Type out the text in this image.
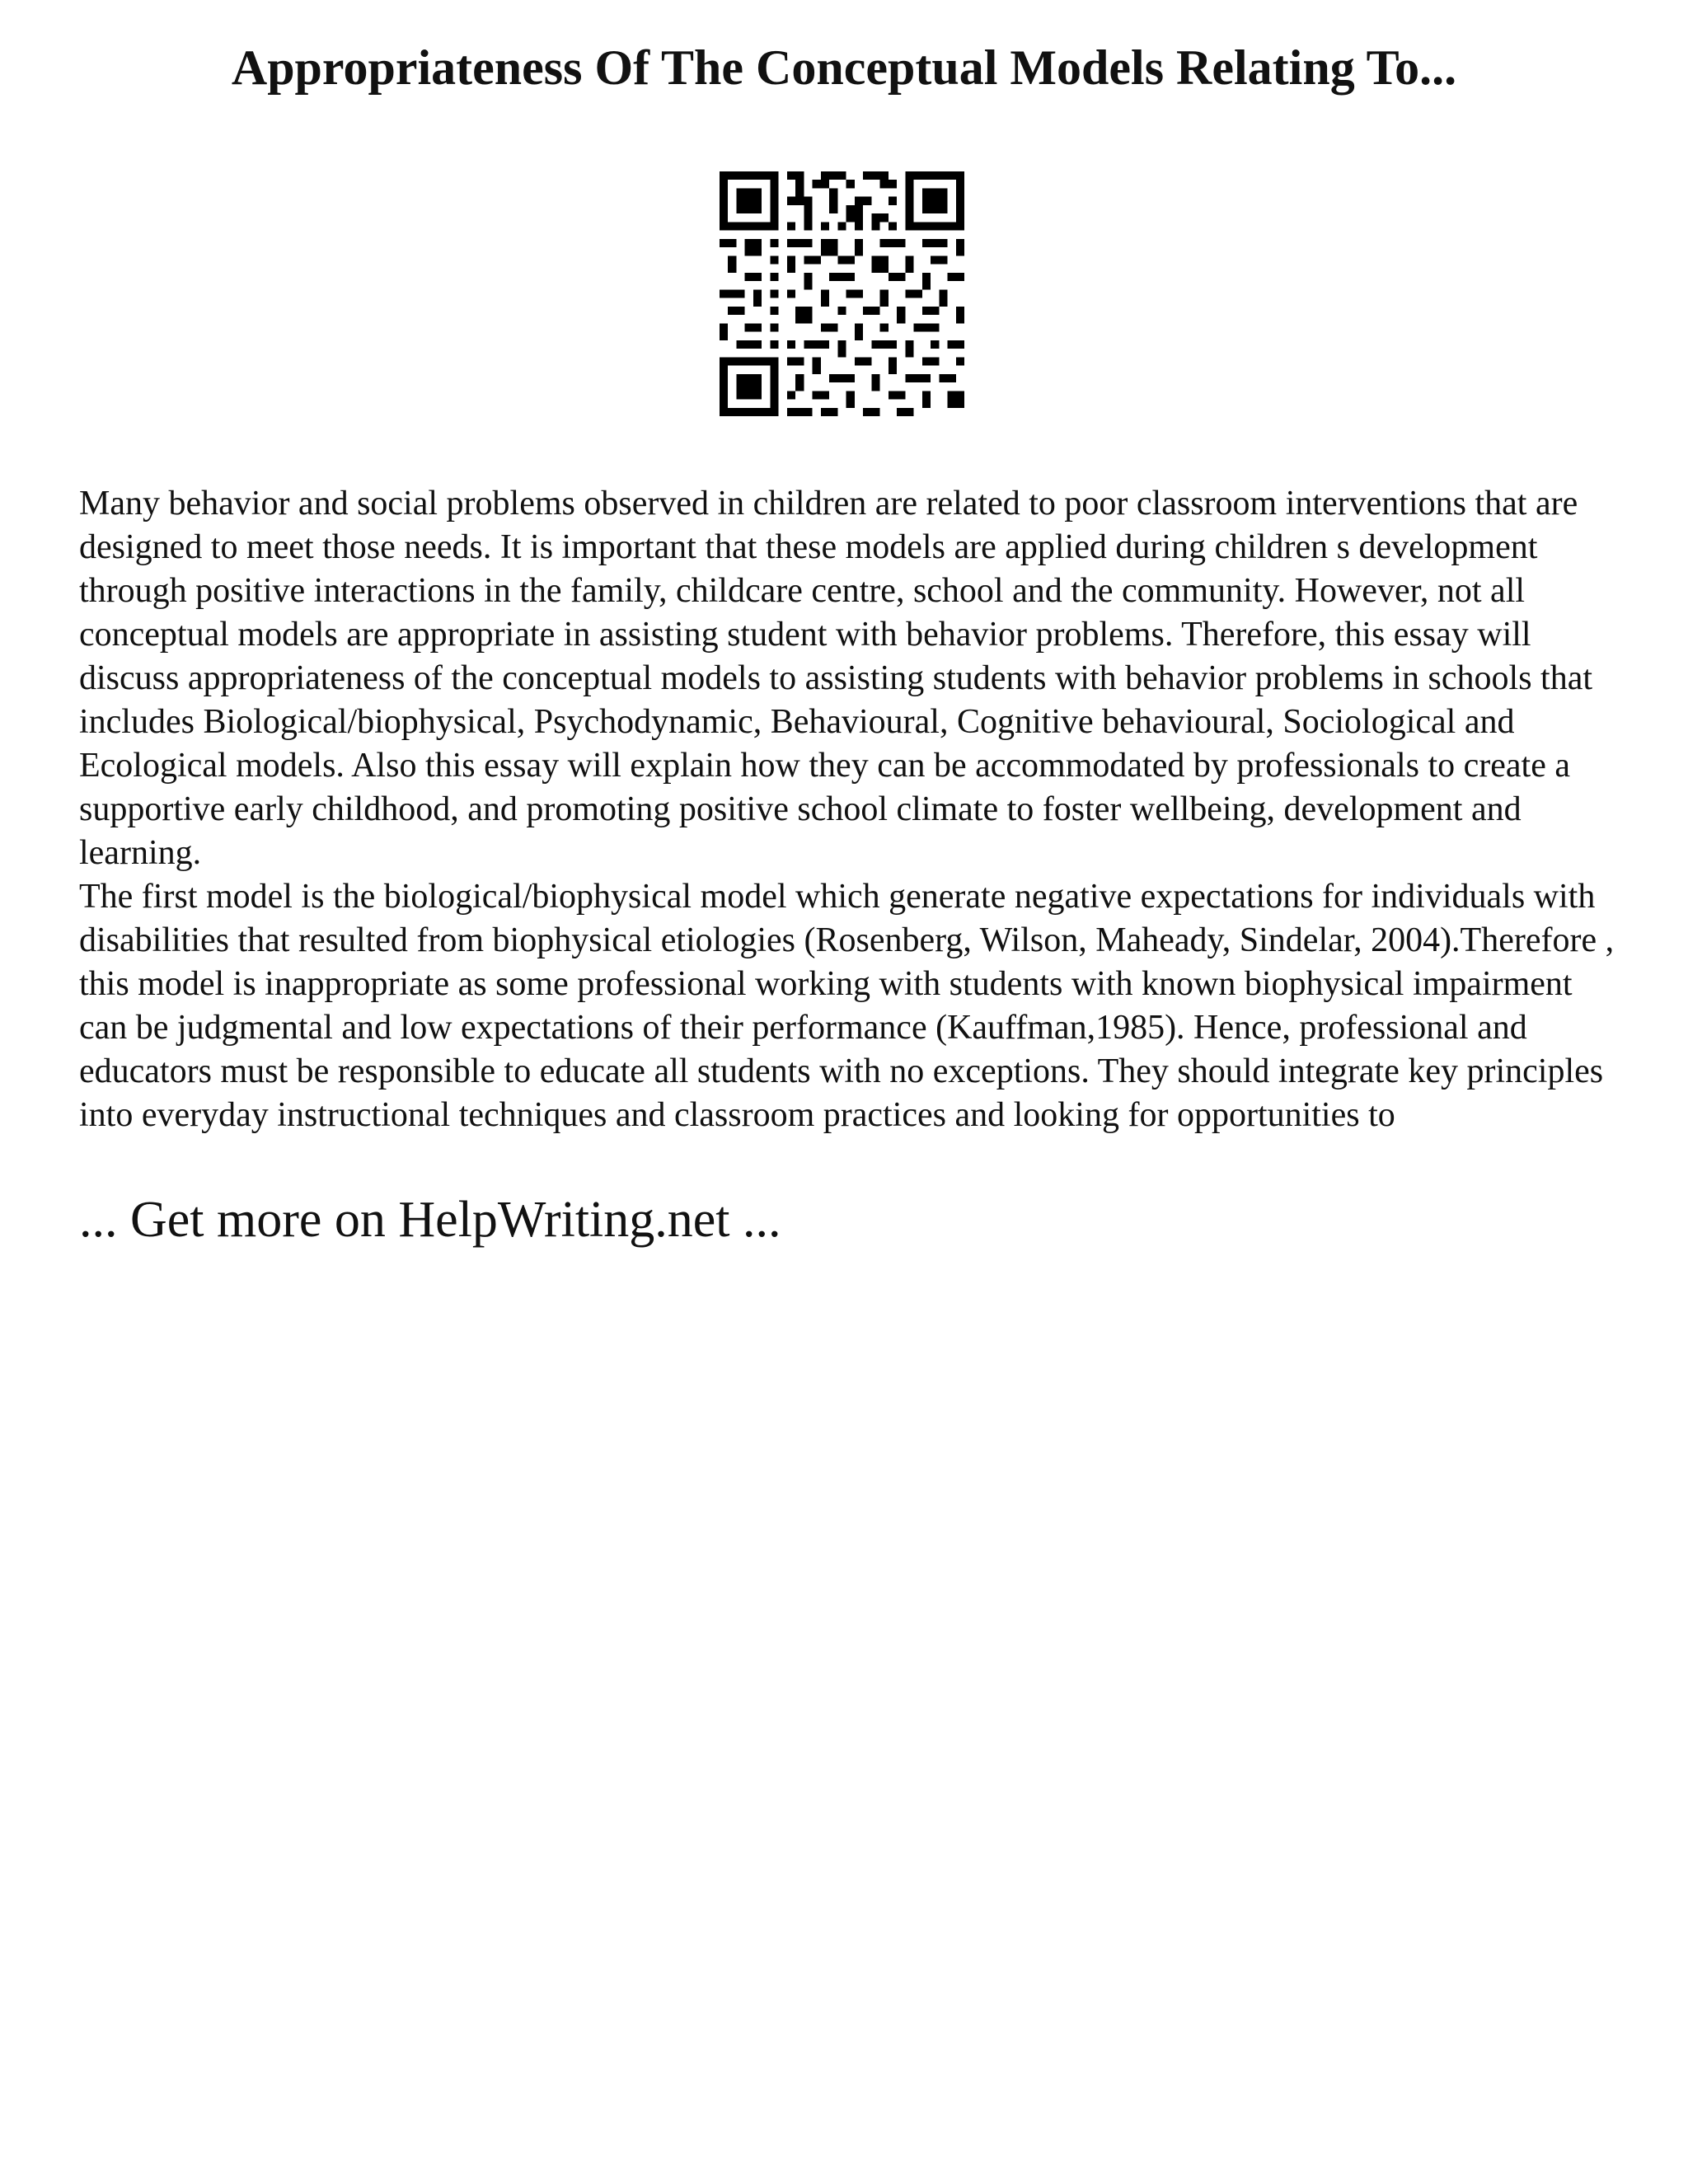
Appropriateness Of The Conceptual Models Relating To...

Many behavior and social problems observed in children are related to poor classroom interventions that are designed to meet those needs. It is important that these models are applied during children s development through positive interactions in the family, childcare centre, school and the community. However, not all conceptual models are appropriate in assisting student with behavior problems. Therefore, this essay will discuss appropriateness of the conceptual models to assisting students with behavior problems in schools that includes Biological/biophysical, Psychodynamic, Behavioural, Cognitive behavioural, Sociological and Ecological models. Also this essay will explain how they can be accommodated by professionals to create a supportive early childhood, and promoting positive school climate to foster wellbeing, development and learning.

The first model is the biological/biophysical model which generate negative expectations for individuals with disabilities that resulted from biophysical etiologies (Rosenberg, Wilson, Maheady, Sindelar, 2004).Therefore , this model is inappropriate as some professional working with students with known biophysical impairment can be judgmental and low expectations of their performance (Kauffman,1985). Hence, professional and educators must be responsible to educate all students with no exceptions. They should integrate key principles into everyday instructional techniques and classroom practices and looking for opportunities to

... Get more on HelpWriting.net ...
